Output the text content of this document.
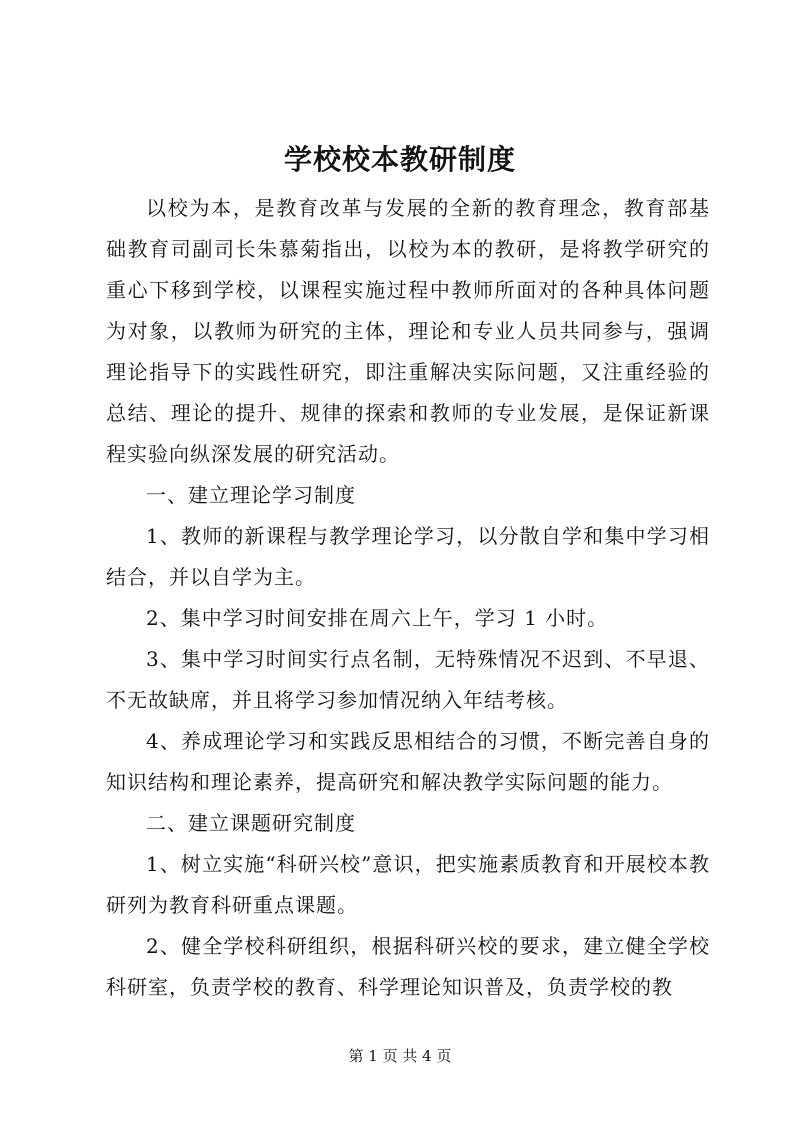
学校校本教研制度

以校为本，是教育改革与发展的全新的教育理念，教育部基础教育司副司长朱慕菊指出，以校为本的教研，是将教学研究的重心下移到学校，以课程实施过程中教师所面对的各种具体问题为对象，以教师为研究的主体，理论和专业人员共同参与，强调理论指导下的实践性研究，即注重解决实际问题，又注重经验的总结、理论的提升、规律的探索和教师的专业发展，是保证新课程实验向纵深发展的研究活动。

一、建立理论学习制度

1、教师的新课程与教学理论学习，以分散自学和集中学习相结合，并以自学为主。

2、集中学习时间安排在周六上午，学习 1 小时。

3、集中学习时间实行点名制，无特殊情况不迟到、不早退、不无故缺席，并且将学习参加情况纳入年结考核。

4、养成理论学习和实践反思相结合的习惯，不断完善自身的知识结构和理论素养，提高研究和解决教学实际问题的能力。

二、建立课题研究制度

1、树立实施“科研兴校”意识，把实施素质教育和开展校本教研列为教育科研重点课题。

2、健全学校科研组织，根据科研兴校的要求，建立健全学校科研室，负责学校的教育、科学理论知识普及，负责学校的教

第 1 页 共 4 页
